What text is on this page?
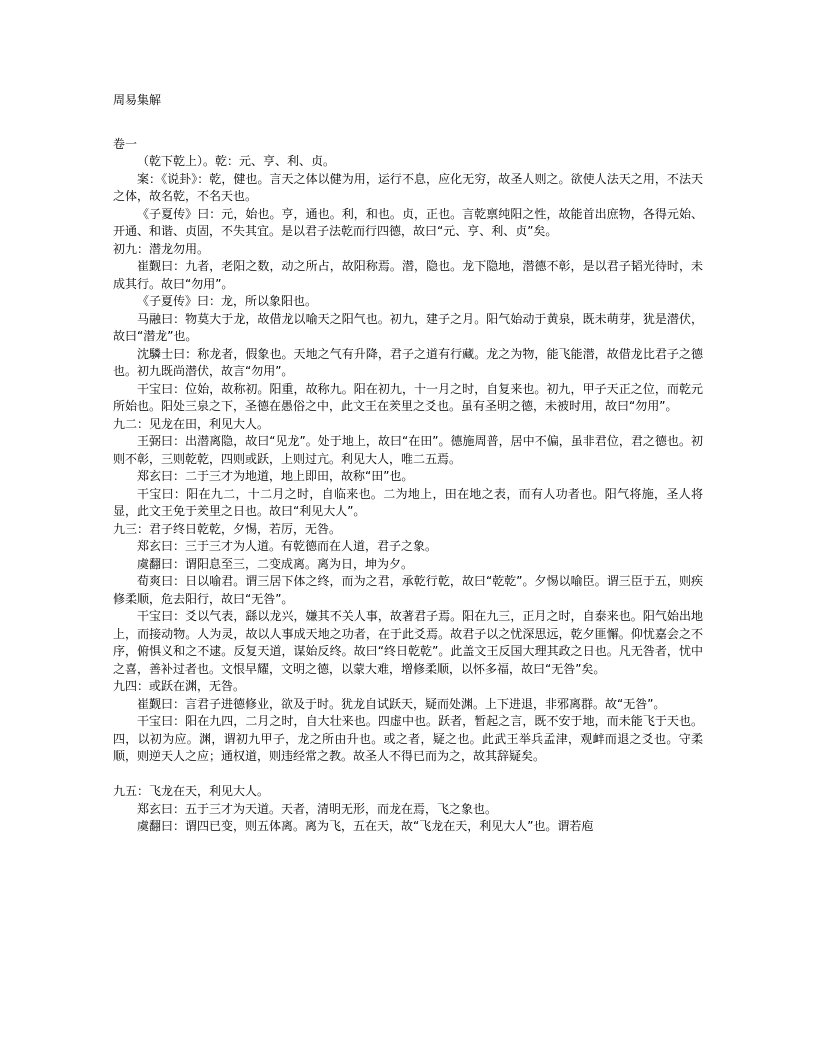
周易集解

卷一

（乾下乾上）。乾：元、亨、利、贞。

案：《说卦》：乾，健也。言天之体以健为用，运行不息，应化无穷，故圣人则之。欲使人法天之用，不法天之体，故名乾，不名天也。

《子夏传》曰：元，始也。亨，通也。利，和也。贞，正也。言乾禀纯阳之性，故能首出庶物，各得元始、开通、和谐、贞固，不失其宜。是以君子法乾而行四德，故曰“元、亨、利、贞”矣。

初九：潜龙勿用。

崔觐曰：九者，老阳之数，动之所占，故阳称焉。潜，隐也。龙下隐地，潜德不彰，是以君子韬光待时，未成其行。故曰“勿用”。

《子夏传》曰：龙，所以象阳也。

马融曰：物莫大于龙，故借龙以喻天之阳气也。初九，建子之月。阳气始动于黄泉，既未萌芽，犹是潜伏，故曰“潜龙”也。

沈驎士曰：称龙者，假象也。天地之气有升降，君子之道有行藏。龙之为物，能飞能潜，故借龙比君子之德也。初九既尚潜伏，故言“勿用”。

干宝曰：位始，故称初。阳重，故称九。阳在初九，十一月之时，自复来也。初九，甲子天正之位，而乾元所始也。阳处三泉之下，圣德在愚俗之中，此文王在羑里之爻也。虽有圣明之德，未被时用，故曰“勿用”。

九二：见龙在田，利见大人。

王弼曰：出潜离隐，故曰“见龙”。处于地上，故曰“在田”。德施周普，居中不偏，虽非君位，君之德也。初则不彰，三则乾乾，四则或跃，上则过亢。利见大人，唯二五焉。

郑玄曰：二于三才为地道，地上即田，故称“田”也。

干宝曰：阳在九二，十二月之时，自临来也。二为地上，田在地之表，而有人功者也。阳气将施，圣人将显，此文王免于羑里之日也。故曰“利见大人”。

九三：君子终日乾乾，夕惕，若厉，无咎。

郑玄曰：三于三才为人道。有乾德而在人道，君子之象。

虞翻曰：谓阳息至三，二变成离。离为日，坤为夕。

荀爽曰：日以喻君。谓三居下体之终，而为之君，承乾行乾，故曰“乾乾”。夕惕以喻臣。谓三臣于五，则疾修柔顺，危去阳行，故曰“无咎”。

干宝曰：爻以气表，繇以龙兴，嫌其不关人事，故著君子焉。阳在九三，正月之时，自泰来也。阳气始出地上，而接动物。人为灵，故以人事成天地之功者，在于此爻焉。故君子以之忧深思远，乾夕匪懈。仰忧嘉会之不序，俯惧义和之不逮。反复天道，谋始反终。故曰“终日乾乾”。此盖文王反国大理其政之日也。凡无咎者，忧中之喜，善补过者也。文恨早耀，文明之德，以蒙大难，增修柔顺，以怀多福，故曰“无咎”矣。

九四：或跃在渊，无咎。

崔觐曰：言君子进德修业，欲及于时。犹龙自试跃天，疑而处渊。上下进退，非邪离群。故“无咎”。

干宝曰：阳在九四，二月之时，自大壮来也。四虚中也。跃者，暂起之言，既不安于地，而未能飞于天也。四，以初为应。渊，谓初九甲子，龙之所由升也。或之者，疑之也。此武王举兵孟津，观衅而退之爻也。守柔顺，则逆天人之应；通权道，则违经常之教。故圣人不得已而为之，故其辞疑矣。

九五：飞龙在天，利见大人。

郑玄曰：五于三才为天道。天者，清明无形，而龙在焉，飞之象也。

虞翻曰：谓四已变，则五体离。离为飞，五在天，故“飞龙在天，利见大人”也。谓若庖
